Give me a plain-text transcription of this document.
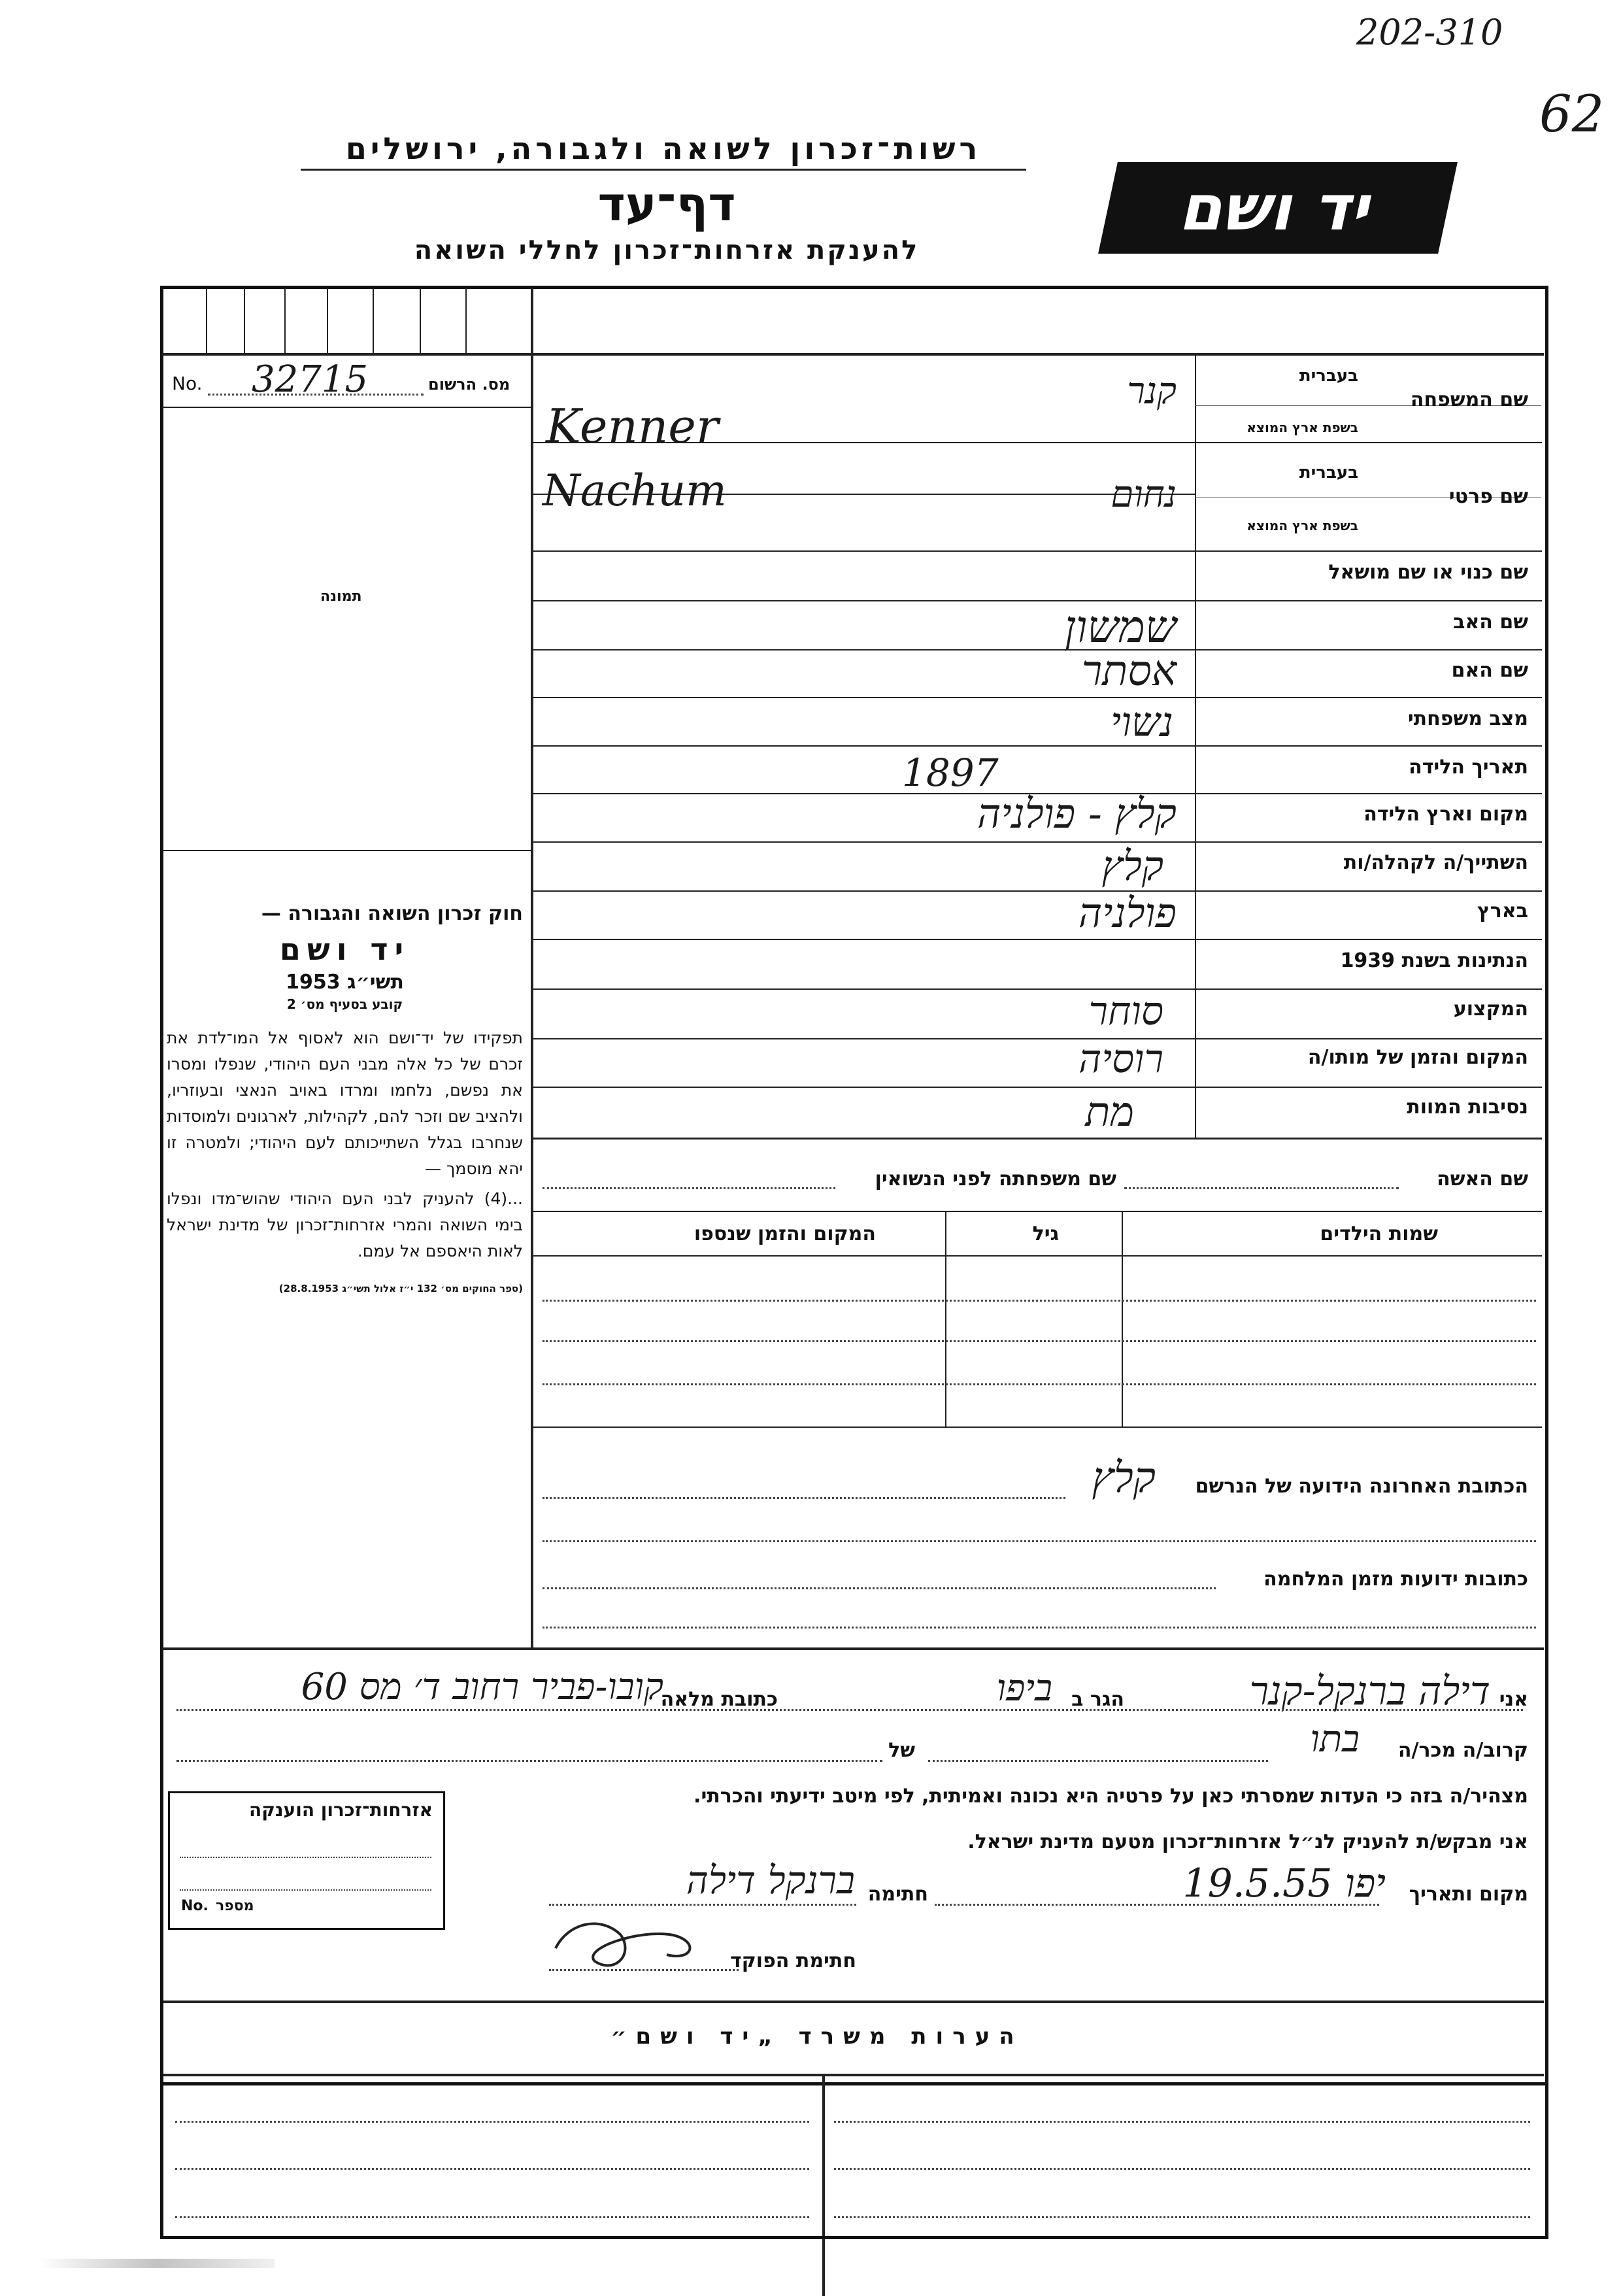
202-310
62
רשות־זכרון לשואה ולגבורה, ירושלים
דף־עד
להענקת אזרחות־זכרון לחללי השואה
יד ושם
No. 32715	מס. הרשום
תמונה
בעברית
שם המשפחה
בשפת ארץ המוצא
בעברית
שם פרטי
בשפת ארץ המוצא
שם כנוי או שם מושאל
שם האב
שם האם
מצב משפחתי
תאריך הלידה
מקום וארץ הלידה
השתייך/ה לקהלה/ות
בארץ
הנתינות בשנת 1939
המקצוע
המקום והזמן של מותו/ה
נסיבות המוות
קנר
Kenner
Nachum	נחום
שמשון
אסתר
נשוי
1897
קלץ - פולניה
קלץ
פולניה
סוחר
רוסיה
מת
שם האשה
שם משפחתה לפני הנשואין
שמות הילדים
גיל
המקום והזמן שנספו
הכתובת האחרונה הידועה של הנרשם
קלץ
כתובות ידועות מזמן המלחמה
חוק זכרון השואה והגבורה —
יד ושם
תשי״ג 1953
קובע בסעיף מס׳ 2

תפקידו של יד־ושם הוא לאסוף אל המו־לדת את זכרם של כל אלה מבני העם היהודי, שנפלו ומסרו את נפשם, נלחמו ומרדו באויב הנאצי ובעוזריו, ולהציב שם וזכר להם, לקהילות, לארגונים ולמוסדות שנחרבו בגלל השתייכותם לעם היהודי; ולמטרה זו יהא מוסמך —

...(4) להעניק לבני העם היהודי שהוש־מדו ונפלו בימי השואה והמרי אזרחות־זכרון של מדינת ישראל לאות היאספם אל עמם.

(ספר החוקים מס׳ 132 י״ז אלול תשי״ג 28.8.1953)

אני
דילה ברנקל-קנר
הגר ב
ביפו
כתובת מלאה
קובו-פביר רחוב ד׳ מס 60
קרוב/ה מכר/ה
בתו
של
מצהיר/ה בזה כי העדות שמסרתי כאן על פרטיה היא נכונה ואמיתית, לפי מיטב ידיעתי והכרתי.
אני מבקש/ת להעניק לנ״ל אזרחות־זכרון מטעם מדינת ישראל.
מקום ותאריך
יפו 19.5.55
חתימה
ברנקל דילה
חתימת הפוקד
אזרחות־זכרון הוענקה
No. מספר
הערות משרד „יד ושם״
